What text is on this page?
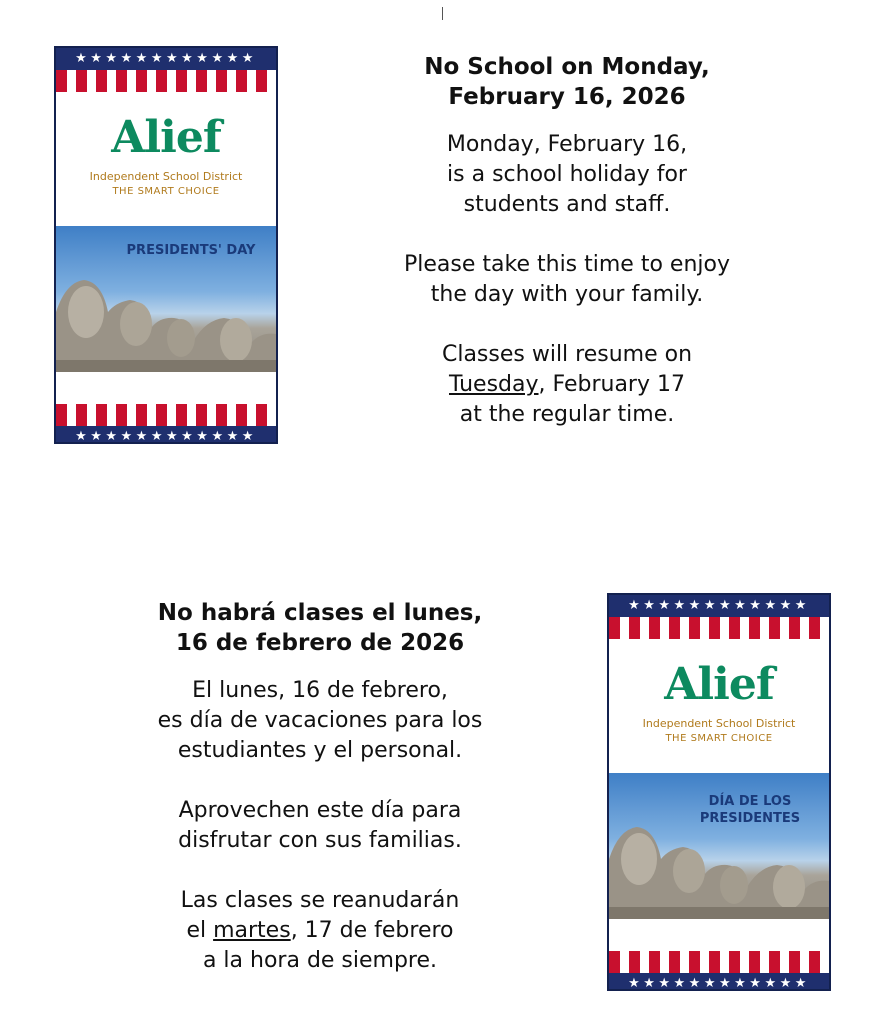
★★★★★★★★★★★★
Alief
Independent School District
THE SMART CHOICE
PRESIDENTS' DAY
★★★★★★★★★★★★
No School on Monday,
February 16, 2026
Monday, February 16,
is a school holiday for
students and staff.
Please take this time to enjoy
the day with your family.
Classes will resume on
Tuesday, February 17
at the regular time.
No habrá clases el lunes,
16 de febrero de 2026
El lunes, 16 de febrero,
es día de vacaciones para los
estudiantes y el personal.
Aprovechen este día para
disfrutar con sus familias.
Las clases se reanudarán
el martes, 17 de febrero
a la hora de siempre.
★★★★★★★★★★★★
Alief
Independent School District
THE SMART CHOICE
DÍA DE LOS PRESIDENTES
★★★★★★★★★★★★
